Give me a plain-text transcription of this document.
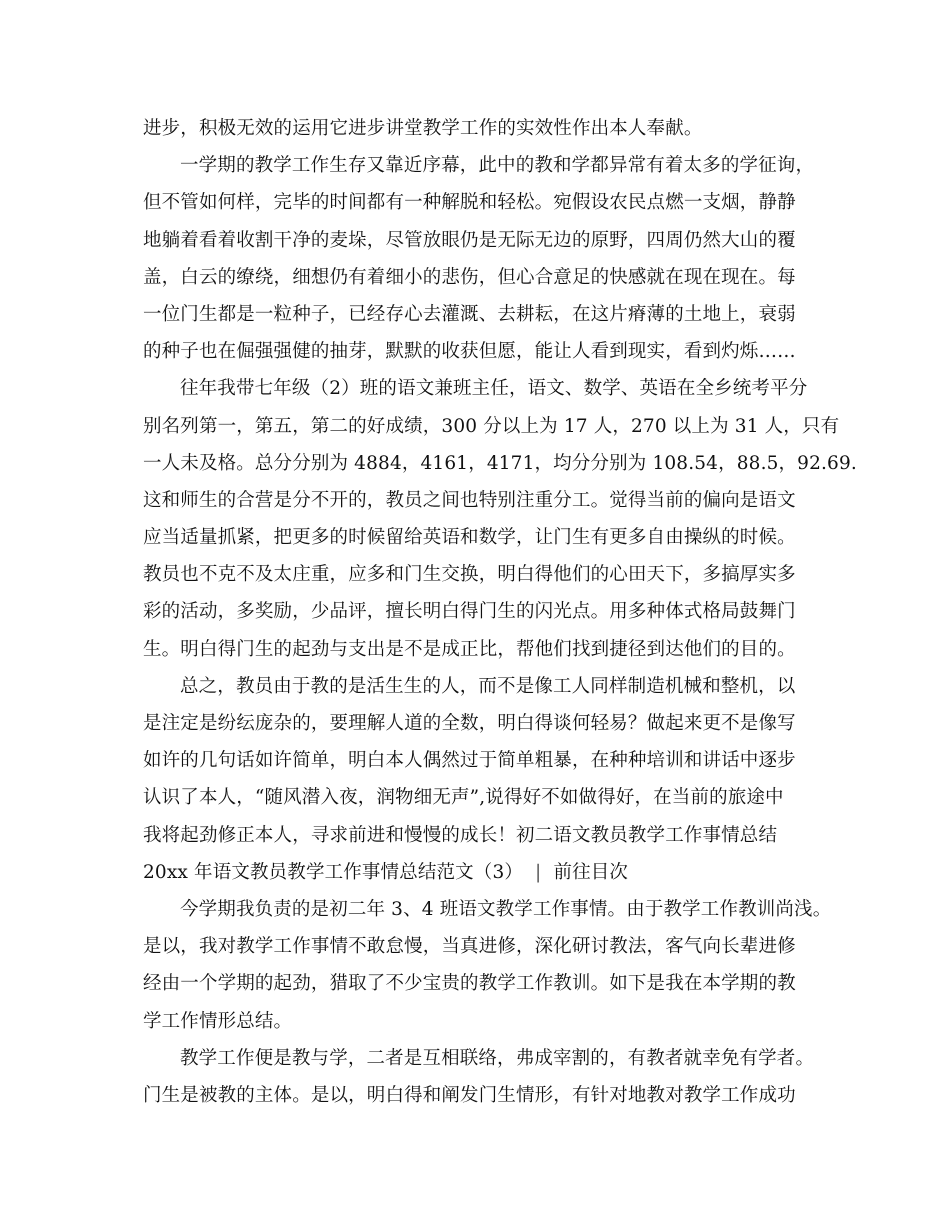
进步，积极无效的运用它进步讲堂教学工作的实效性作出本人奉献。
一学期的教学工作生存又靠近序幕，此中的教和学都异常有着太多的学征询，
但不管如何样，完毕的时间都有一种解脱和轻松。宛假设农民点燃一支烟，静静
地躺着看着收割干净的麦垛，尽管放眼仍是无际无边的原野，四周仍然大山的覆
盖，白云的缭绕，细想仍有着细小的悲伤，但心合意足的快感就在现在现在。每
一位门生都是一粒种子，已经存心去灌溉、去耕耘，在这片瘠薄的土地上，衰弱
的种子也在倔强强健的抽芽，默默的收获但愿，能让人看到现实，看到灼烁……
往年我带七年级（2）班的语文兼班主任，语文、数学、英语在全乡统考平分
别名列第一，第五，第二的好成绩，300 分以上为 17 人，270 以上为 31 人，只有
一人未及格。总分分别为 4884，4161，4171，均分分别为 108.54，88.5，92.69.
这和师生的合营是分不开的，教员之间也特别注重分工。觉得当前的偏向是语文
应当适量抓紧，把更多的时候留给英语和数学，让门生有更多自由操纵的时候。
教员也不克不及太庄重，应多和门生交换，明白得他们的心田天下，多搞厚实多
彩的活动，多奖励，少品评，擅长明白得门生的闪光点。用多种体式格局鼓舞门
生。明白得门生的起劲与支出是不是成正比，帮他们找到捷径到达他们的目的。
总之，教员由于教的是活生生的人，而不是像工人同样制造机械和整机，以
是注定是纷纭庞杂的，要理解人道的全数，明白得谈何轻易？做起来更不是像写
如许的几句话如许简单，明白本人偶然过于简单粗暴，在种种培训和讲话中逐步
认识了本人，“随风潜入夜，润物细无声”,说得好不如做得好，在当前的旅途中
我将起劲修正本人，寻求前进和慢慢的成长！初二语文教员教学工作事情总结
20xx 年语文教员教学工作事情总结范文（3） | 前往目次
今学期我负责的是初二年 3、4 班语文教学工作事情。由于教学工作教训尚浅。
是以，我对教学工作事情不敢怠慢，当真进修，深化研讨教法，客气向长辈进修
经由一个学期的起劲，猎取了不少宝贵的教学工作教训。如下是我在本学期的教
学工作情形总结。
教学工作便是教与学，二者是互相联络，弗成宰割的，有教者就幸免有学者。
门生是被教的主体。是以，明白得和阐发门生情形，有针对地教对教学工作成功
